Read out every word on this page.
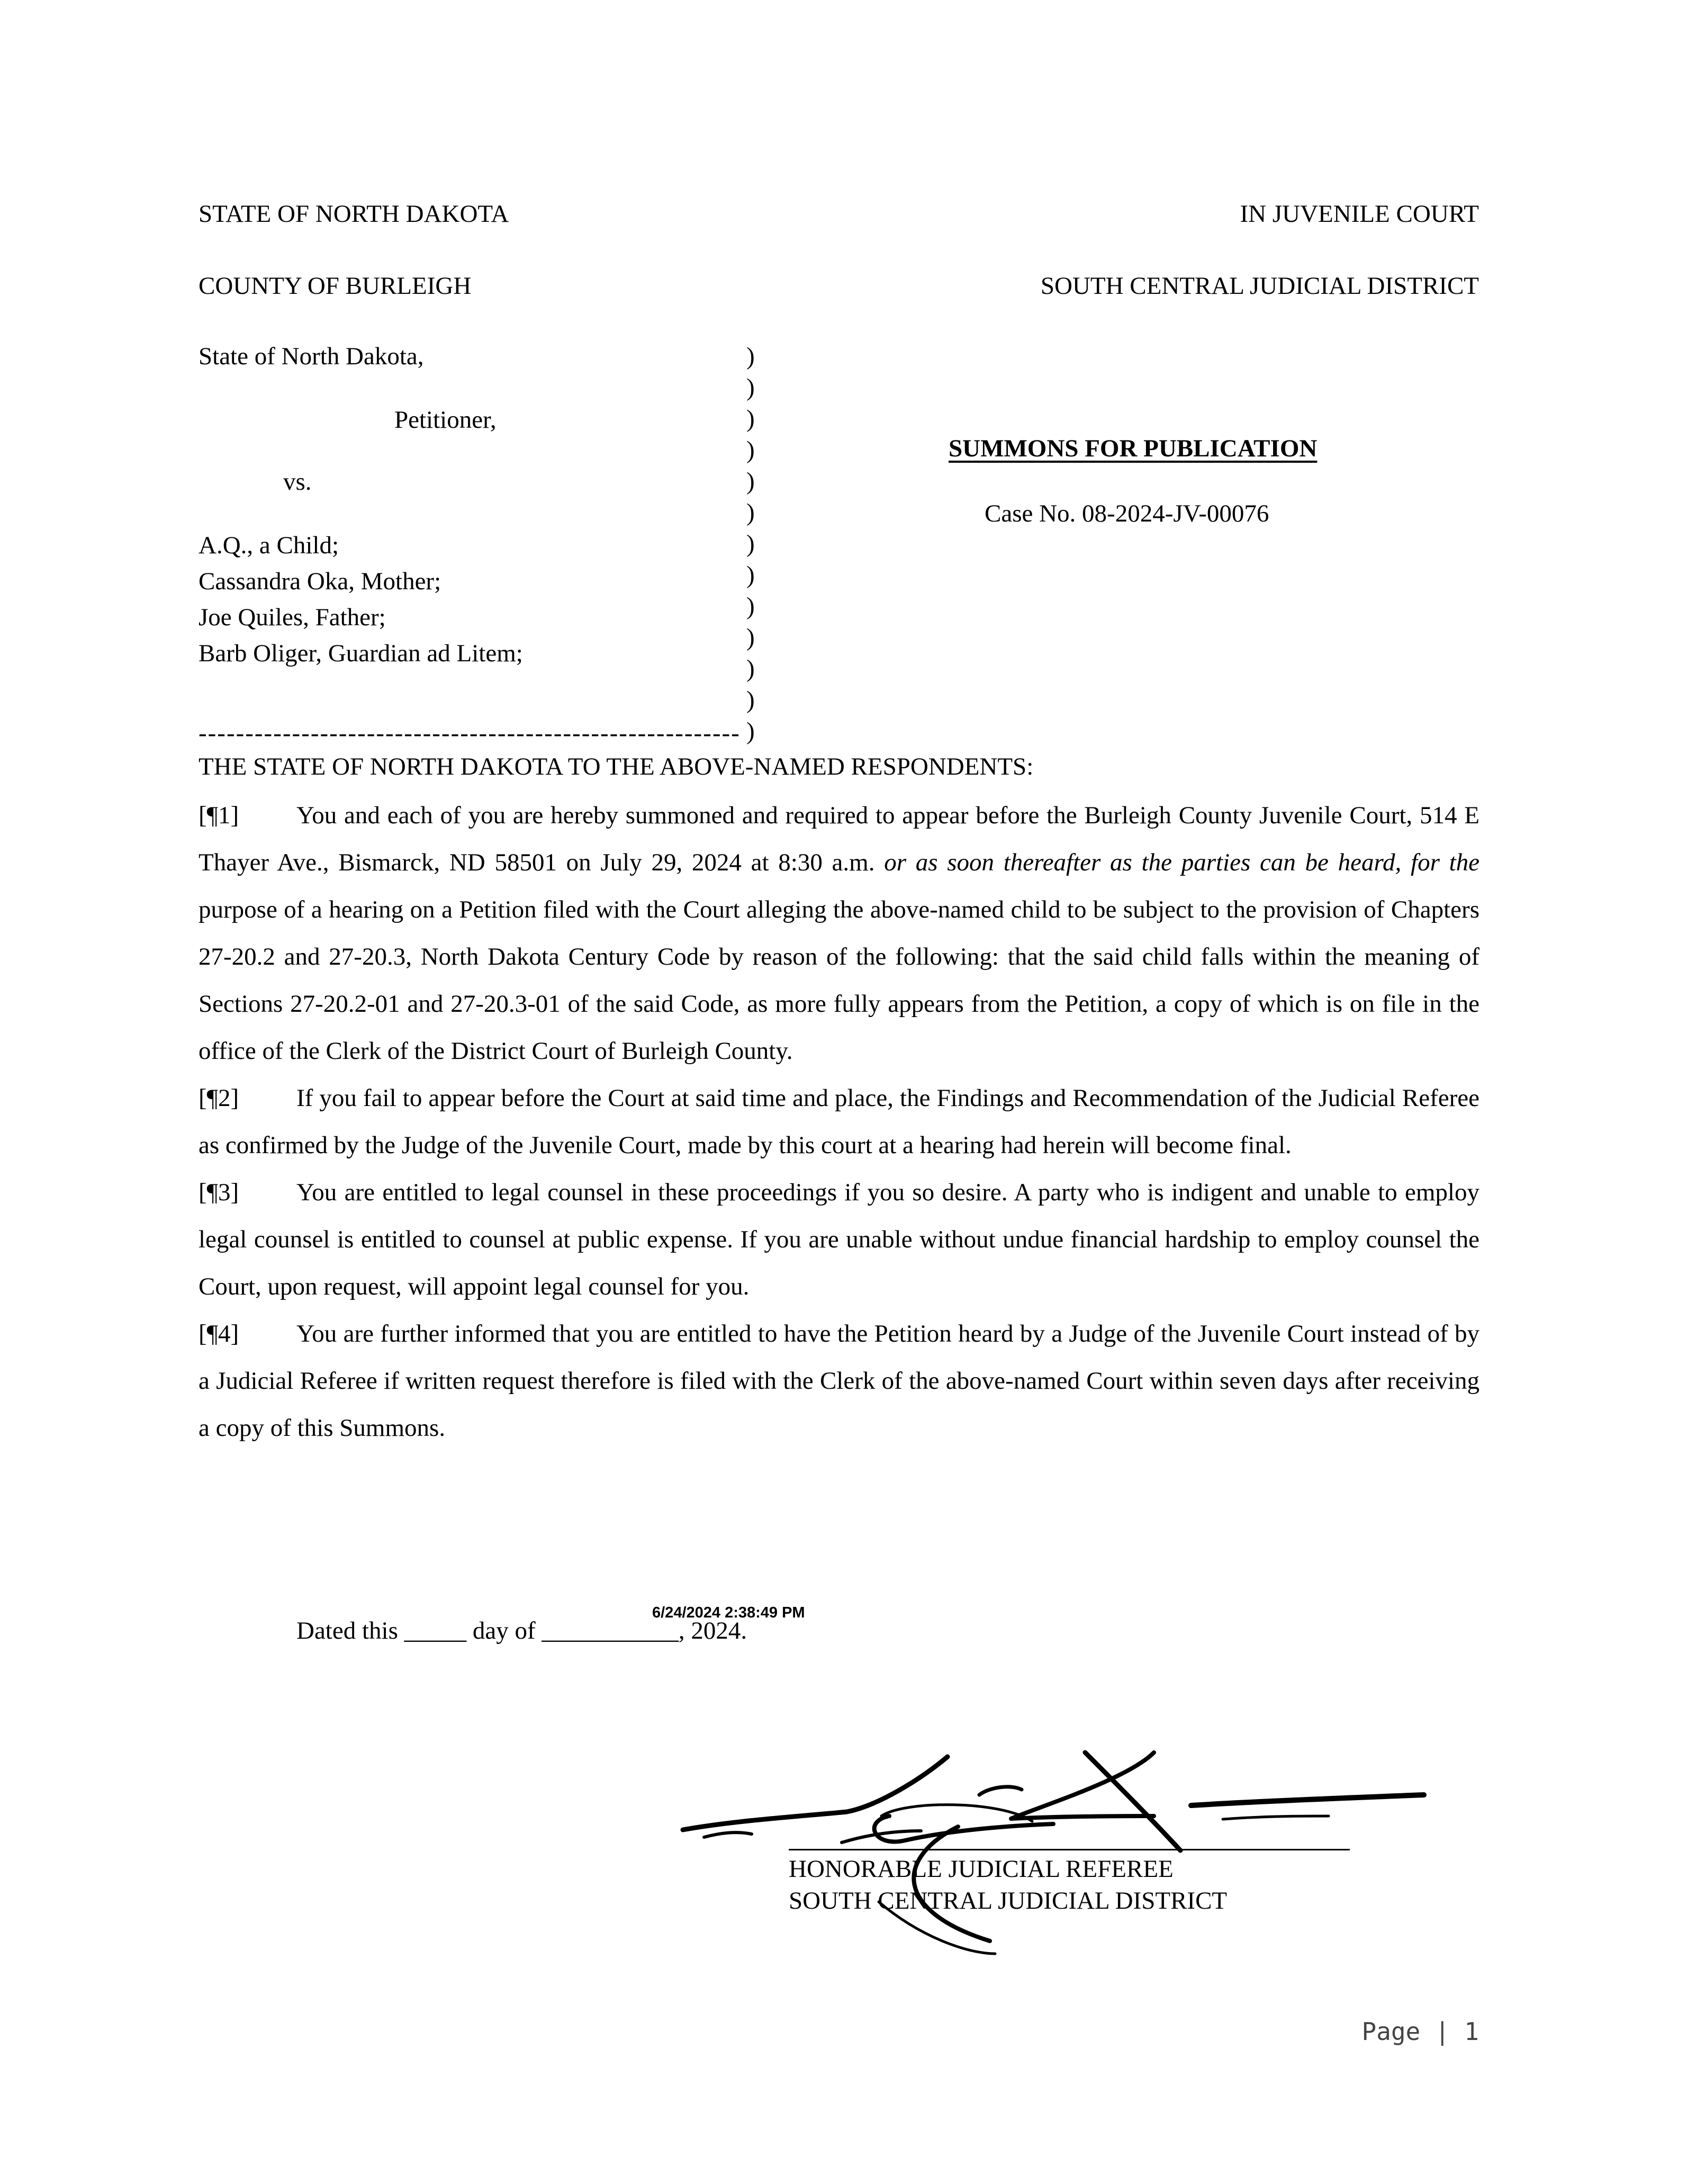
STATE OF NORTH DAKOTA	IN JUVENILE COURT
COUNTY OF BURLEIGH	SOUTH CENTRAL JUDICIAL DISTRICT
State of North Dakota,
Petitioner,
vs.
A.Q., a Child;
Cassandra Oka, Mother;
Joe Quiles, Father;
Barb Oliger, Guardian ad Litem;
----------------------------------------------------------
)
)
)
)
)
)
)
)
)
)
)
)
)
SUMMONS FOR PUBLICATION
Case No. 08-2024-JV-00076
THE STATE OF NORTH DAKOTA TO THE ABOVE-NAMED RESPONDENTS:

[¶1] You and each of you are hereby summoned and required to appear before the Burleigh County Juvenile Court, 514 E Thayer Ave., Bismarck, ND 58501 on July 29, 2024 at 8:30 a.m. or as soon thereafter as the parties can be heard, for the purpose of a hearing on a Petition filed with the Court alleging the above-named child to be subject to the provision of Chapters 27-20.2 and 27-20.3, North Dakota Century Code by reason of the following: that the said child falls within the meaning of Sections 27-20.2-01 and 27-20.3-01 of the said Code, as more fully appears from the Petition, a copy of which is on file in the office of the Clerk of the District Court of Burleigh County.

[¶2] If you fail to appear before the Court at said time and place, the Findings and Recommendation of the Judicial Referee as confirmed by the Judge of the Juvenile Court, made by this court at a hearing had herein will become final.

[¶3] You are entitled to legal counsel in these proceedings if you so desire. A party who is indigent and unable to employ legal counsel is entitled to counsel at public expense. If you are unable without undue financial hardship to employ counsel the Court, upon request, will appoint legal counsel for you.

[¶4] You are further informed that you are entitled to have the Petition heard by a Judge of the Juvenile Court instead of by a Judicial Referee if written request therefore is filed with the Clerk of the above-named Court within seven days after receiving a copy of this Summons.

6/24/2024 2:38:49 PM
Dated this _____ day of ___________, 2024.
HONORABLE JUDICIAL REFEREE
SOUTH CENTRAL JUDICIAL DISTRICT
Page | 1
